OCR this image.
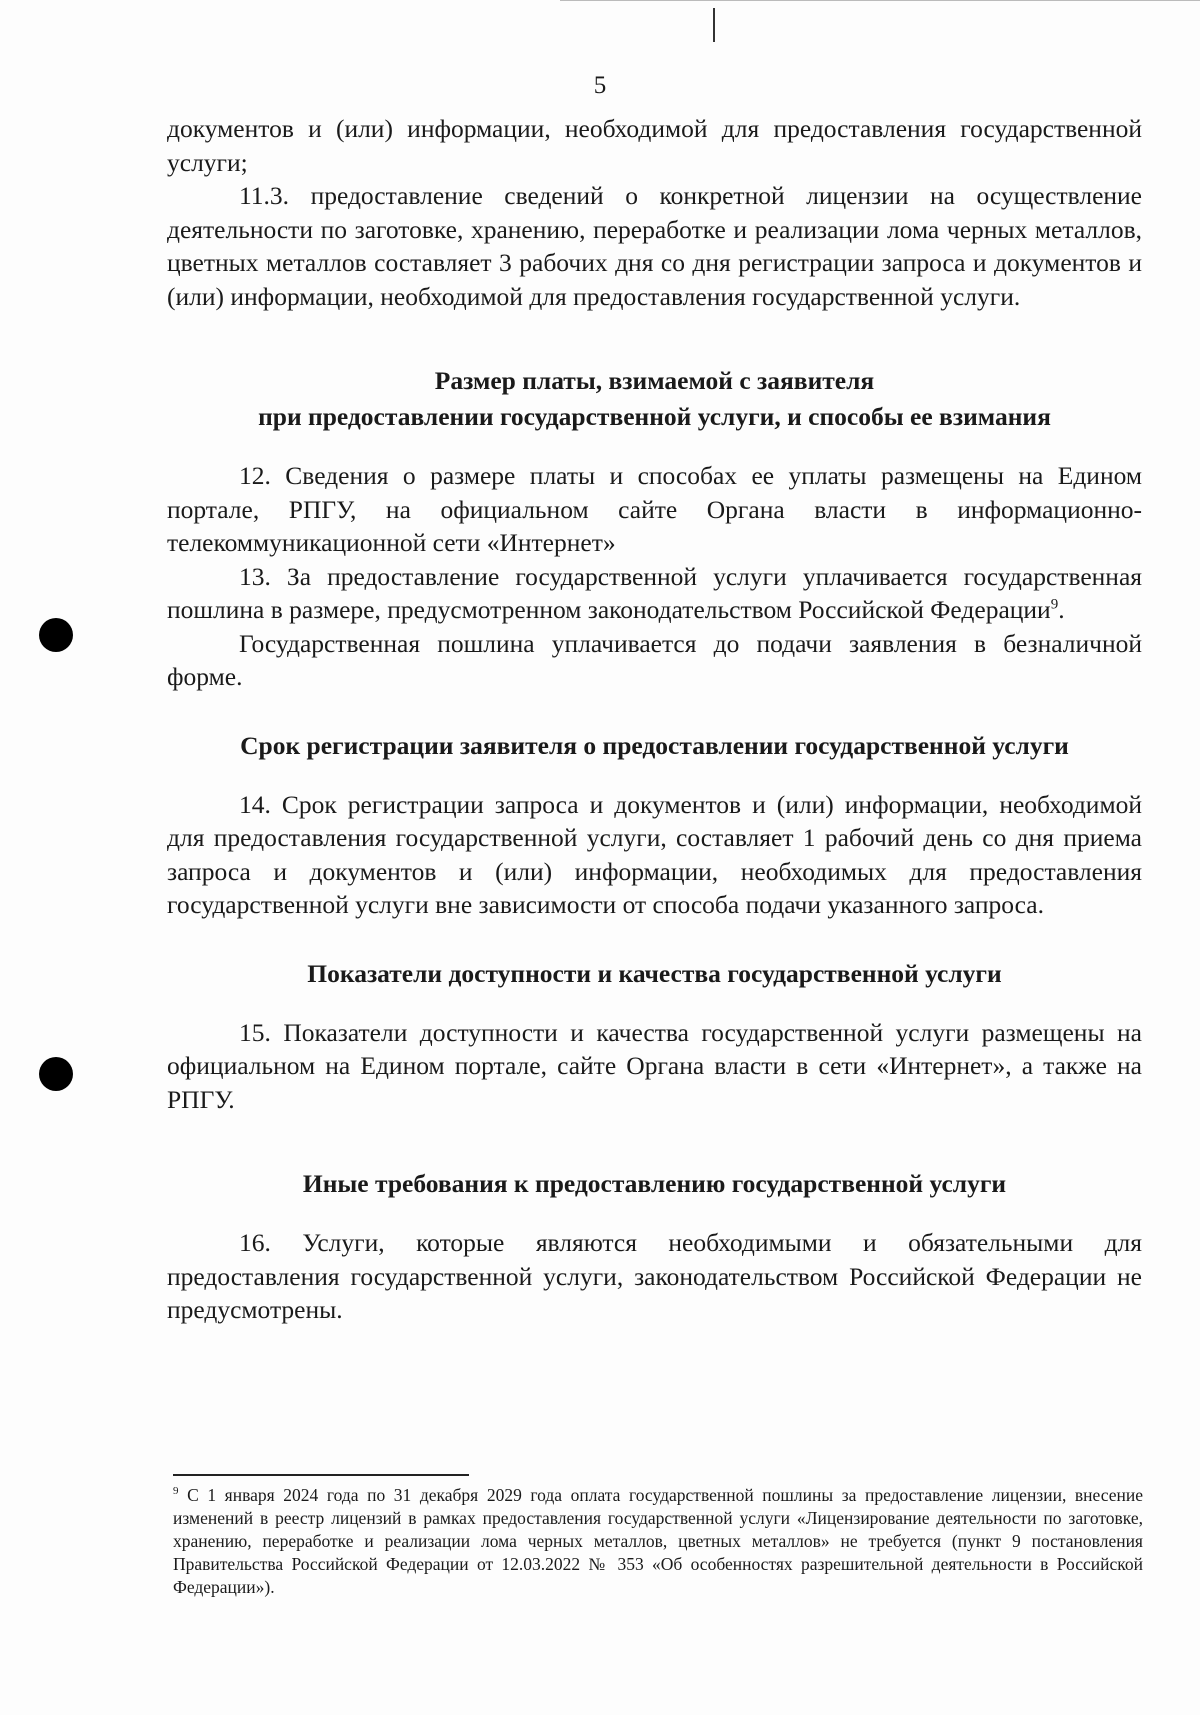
5

документов и (или) информации, необходимой для предоставления государственной услуги;

11.3. предоставление сведений о конкретной лицензии на осуществление деятельности по заготовке, хранению, переработке и реализации лома черных металлов, цветных металлов составляет 3 рабочих дня со дня регистрации запроса и документов и (или) информации, необходимой для предоставления государственной услуги.

Размер платы, взимаемой с заявителя
при предоставлении государственной услуги, и способы ее взимания

12. Сведения о размере платы и способах ее уплаты размещены на Едином портале, РПГУ, на официальном сайте Органа власти в информационно-телекоммуникационной сети «Интернет»

13. За предоставление государственной услуги уплачивается государственная пошлина в размере, предусмотренном законодательством Российской Федерации$^9$.

Государственная пошлина уплачивается до подачи заявления в безналичной форме.

Срок регистрации заявителя о предоставлении государственной услуги

14. Срок регистрации запроса и документов и (или) информации, необходимой для предоставления государственной услуги, составляет 1 рабочий день со дня приема запроса и документов и (или) информации, необходимых для предоставления государственной услуги вне зависимости от способа подачи указанного запроса.

Показатели доступности и качества государственной услуги

15. Показатели доступности и качества государственной услуги размещены на официальном на Едином портале, сайте Органа власти в сети «Интернет», а также на РПГУ.

Иные требования к предоставлению государственной услуги

16. Услуги, которые являются необходимыми и обязательными для предоставления государственной услуги, законодательством Российской Федерации не предусмотрены.

$^9$ С 1 января 2024 года по 31 декабря 2029 года оплата государственной пошлины за предоставление лицензии, внесение изменений в реестр лицензий в рамках предоставления государственной услуги «Лицензирование деятельности по заготовке, хранению, переработке и реализации лома черных металлов, цветных металлов» не требуется (пункт 9 постановления Правительства Российской Федерации от 12.03.2022 № 353 «Об особенностях разрешительной деятельности в Российской Федерации»).
